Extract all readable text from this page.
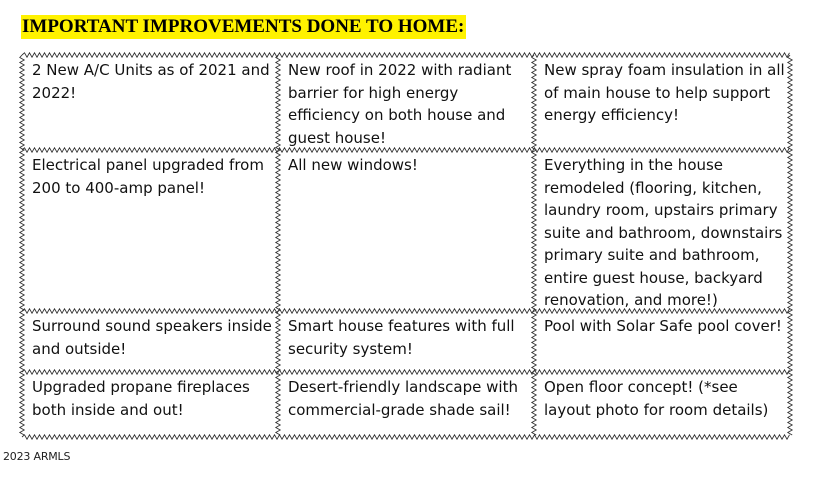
IMPORTANT IMPROVEMENTS DONE TO HOME:
2 New A/C Units as of 2021 and 2022!
New roof in 2022 with radiant barrier for high energy efficiency on both house and guest house!
New spray foam insulation in all of main house to help support energy efficiency!
Electrical panel upgraded from 200 to 400-amp panel!
All new windows!	Everything in the house remodeled (flooring, kitchen, laundry room, upstairs primary suite and bathroom, downstairs primary suite and bathroom, entire guest house, backyard renovation, and more!)
Surround sound speakers inside and outside!
Smart house features with full security system!
Pool with Solar Safe pool cover!
Upgraded propane fireplaces both inside and out!
Desert-friendly landscape with commercial-grade shade sail!
Open floor concept! (*see layout photo for room details)
2023 ARMLS
